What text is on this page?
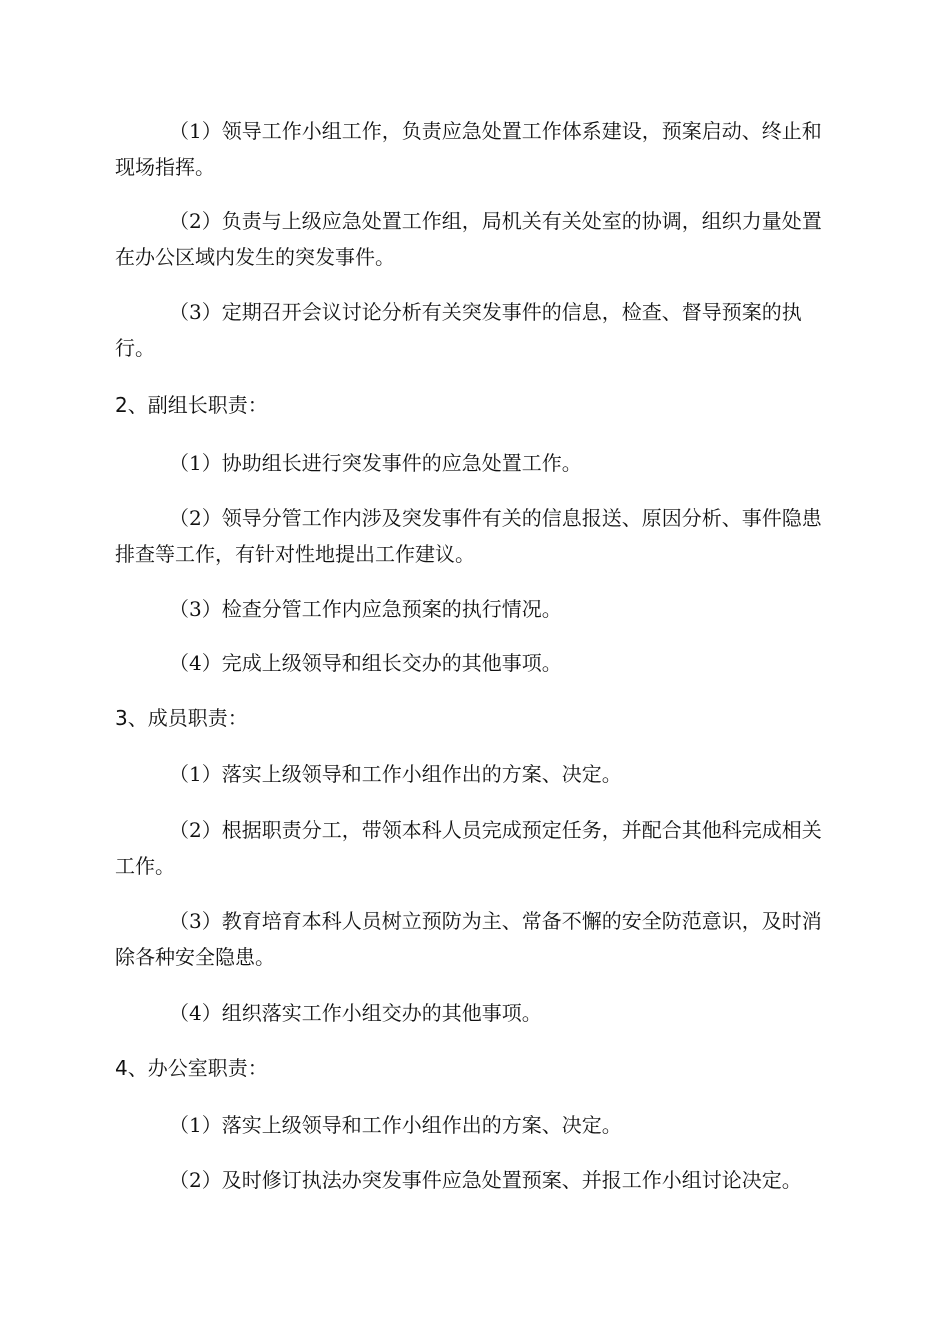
（1）领导工作小组工作，负责应急处置工作体系建设，预案启动、终止和现场指挥。

（2）负责与上级应急处置工作组，局机关有关处室的协调，组织力量处置在办公区域内发生的突发事件。

（3）定期召开会议讨论分析有关突发事件的信息，检查、督导预案的执行。

2、副组长职责：

（1）协助组长进行突发事件的应急处置工作。

（2）领导分管工作内涉及突发事件有关的信息报送、原因分析、事件隐患排查等工作，有针对性地提出工作建议。

（3）检查分管工作内应急预案的执行情况。

（4）完成上级领导和组长交办的其他事项。

3、成员职责：

（1）落实上级领导和工作小组作出的方案、决定。

（2）根据职责分工，带领本科人员完成预定任务，并配合其他科完成相关工作。

（3）教育培育本科人员树立预防为主、常备不懈的安全防范意识，及时消除各种安全隐患。

（4）组织落实工作小组交办的其他事项。

4、办公室职责：

（1）落实上级领导和工作小组作出的方案、决定。

（2）及时修订执法办突发事件应急处置预案、并报工作小组讨论决定。
